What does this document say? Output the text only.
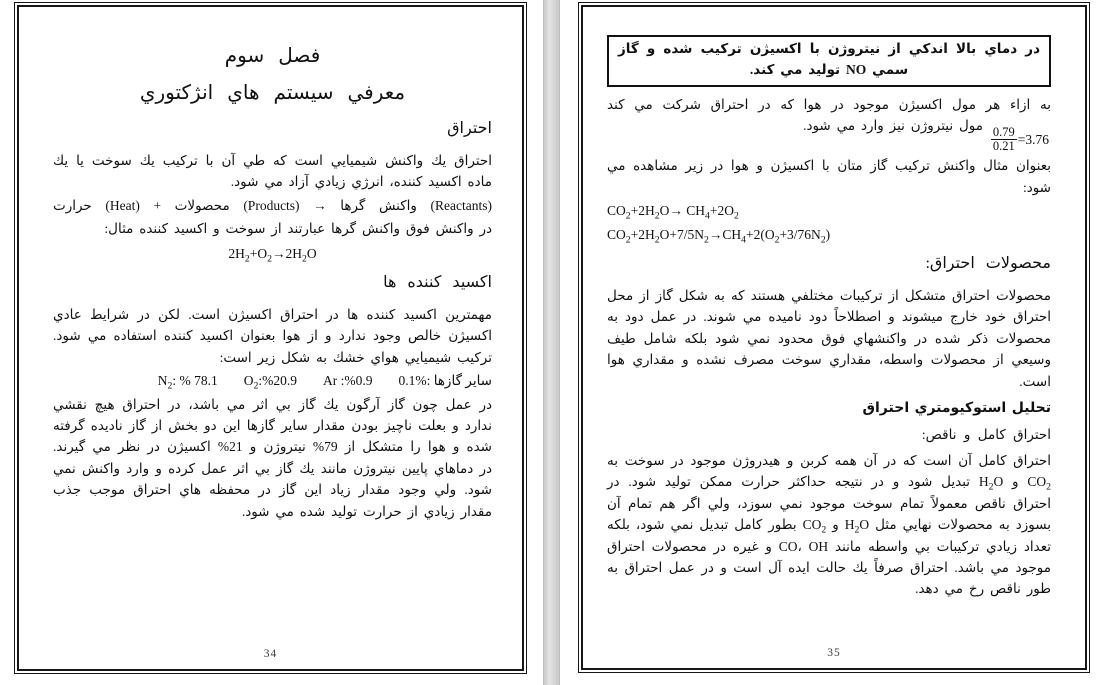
فصل سوم
معرفي سيستم هاي انژكتوري
احتراق
احتراق يك واكنش شيميايي است كه طي آن با تركيب يك سوخت يا يك ماده اكسيد كننده، انرژي زيادي آزاد مي شود.
حرارت (Heat) + محصولات (Products) → واكنش گرها (Reactants)
در واكنش فوق واكنش گرها عبارتند از سوخت و اكسيد كننده مثال:
$2H_2+O_2\to 2H_2O$
اكسيد كننده ها
مهمترين اكسيد كننده ها در احتراق اكسيژن است. لكن در شرايط عادي اكسيژن خالص وجود ندارد و از هوا بعنوان اكسيد كننده استفاده مي شود. تركيب شيميايي هواي خشك به شكل زير است:
$N_2$: % 78.1 $O_2:\%20.9$ Ar :%0.9 ساير گازها :%0.1
در عمل چون گاز آرگون يك گاز بي اثر مي باشد، در احتراق هيچ نقشي ندارد و بعلت ناچيز بودن مقدار ساير گازها اين دو بخش از گاز ناديده گرفته شده و هوا را متشكل از 79% نيتروژن و 21% اكسيژن در نظر مي گيرند. در دماهاي پايين نيتروژن مانند يك گاز بي اثر عمل كرده و وارد واكنش نمي شود. ولي وجود مقدار زياد اين گاز در محفظه هاي احتراق موجب جذب مقدار زيادي از حرارت توليد شده مي شود.
34
در دماي بالا اندكي از نيتروژن با اكسيژن تركيب شده و گاز سمي NO توليد مي كند.
به ازاء هر مول اكسيژن موجود در هوا كه در احتراق شركت مي كند
$\frac{0.79}{0.21} =3.76$
مول نيتروژن نيز وارد مي شود.
بعنوان مثال واكنش تركيب گاز متان با اكسيژن و هوا در زير مشاهده مي شود:
$CO_2+2H_2O\to CH_4+2O_2$
$CO_2+2H_2O+7/5N_2\to CH_4+2(O_2+3/76N_2)$
محصولات احتراق:
محصولات احتراق متشكل از تركيبات مختلفي هستند كه به شكل گاز از محل احتراق خود خارج ميشوند و اصطلاحاً دود ناميده مي شوند. در عمل دود به محصولات ذكر شده در واكنشهاي فوق محدود نمي شود بلكه شامل طيف وسيعي از محصولات واسطه، مقداري سوخت مصرف نشده و مقداري هوا است.
تحليل استوكيومتري احتراق
احتراق كامل و ناقص:
احتراق كامل آن است كه در آن همه كربن و هيدروژن موجود در سوخت به $CO_2$ و $H_2O$ تبديل شود و در نتيجه حداكثر حرارت ممكن توليد شود. در احتراق ناقص معمولاً تمام سوخت موجود نمي سوزد، ولي اگر هم تمام آن بسوزد به محصولات نهايي مثل $H_2O$ و $CO_2$ بطور كامل تبديل نمي شود، بلكه تعداد زيادي تركيبات بي واسطه مانند CO، OH و غيره در محصولات احتراق موجود مي باشد. احتراق صرفاً يك حالت ايده آل است و در عمل احتراق به طور ناقص رخ مي دهد.
35
